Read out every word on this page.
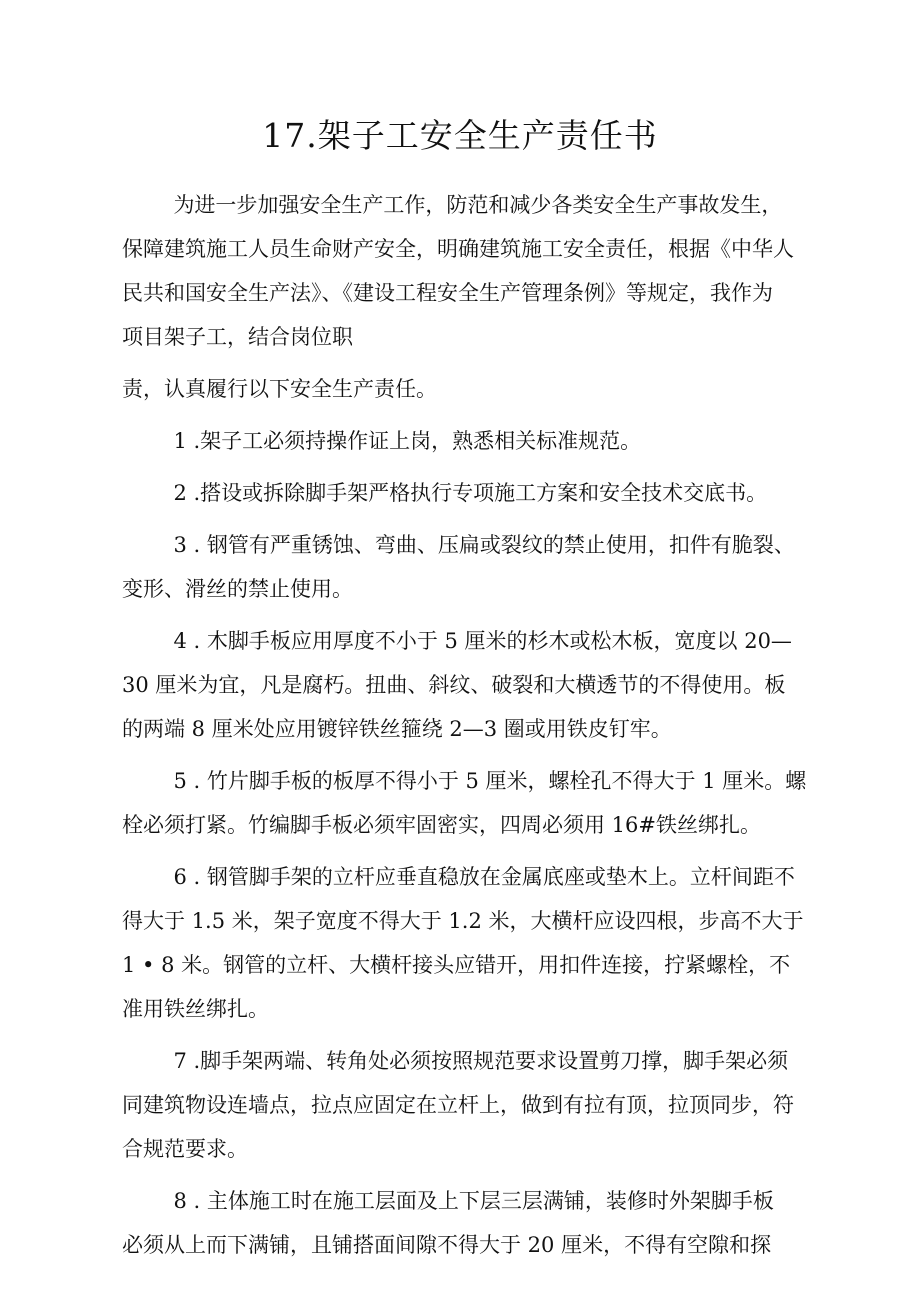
17.架子工安全生产责任书

为进一步加强安全生产工作，防范和减少各类安全生产事故发生，
保障建筑施工人员生命财产安全，明确建筑施工安全责任，根据《中华人
民共和国安全生产法》、《建设工程安全生产管理条例》等规定，我作为
项目架子工，结合岗位职

责，认真履行以下安全生产责任。

1 .架子工必须持操作证上岗，熟悉相关标准规范。

2 .搭设或拆除脚手架严格执行专项施工方案和安全技术交底书。

3 . 钢管有严重锈蚀、弯曲、压扁或裂纹的禁止使用，扣件有脆裂、
变形、滑丝的禁止使用。

4 . 木脚手板应用厚度不小于 5 厘米的杉木或松木板，宽度以 20—
30 厘米为宜，凡是腐朽。扭曲、斜纹、破裂和大横透节的不得使用。板
的两端 8 厘米处应用镀锌铁丝箍绕 2—3 圈或用铁皮钉牢。

5 . 竹片脚手板的板厚不得小于 5 厘米，螺栓孔不得大于 1 厘米。螺
栓必须打紧。竹编脚手板必须牢固密实，四周必须用 16#铁丝绑扎。

6 . 钢管脚手架的立杆应垂直稳放在金属底座或垫木上。立杆间距不
得大于 1.5 米，架子宽度不得大于 1.2 米，大横杆应设四根，步高不大于
1 • 8 米。钢管的立杆、大横杆接头应错开，用扣件连接，拧紧螺栓，不
准用铁丝绑扎。

7 .脚手架两端、转角处必须按照规范要求设置剪刀撑，脚手架必须
同建筑物设连墙点，拉点应固定在立杆上，做到有拉有顶，拉顶同步，符
合规范要求。

8 . 主体施工时在施工层面及上下层三层满铺，装修时外架脚手板
必须从上而下满铺，且铺搭面间隙不得大于 20 厘米，不得有空隙和探
